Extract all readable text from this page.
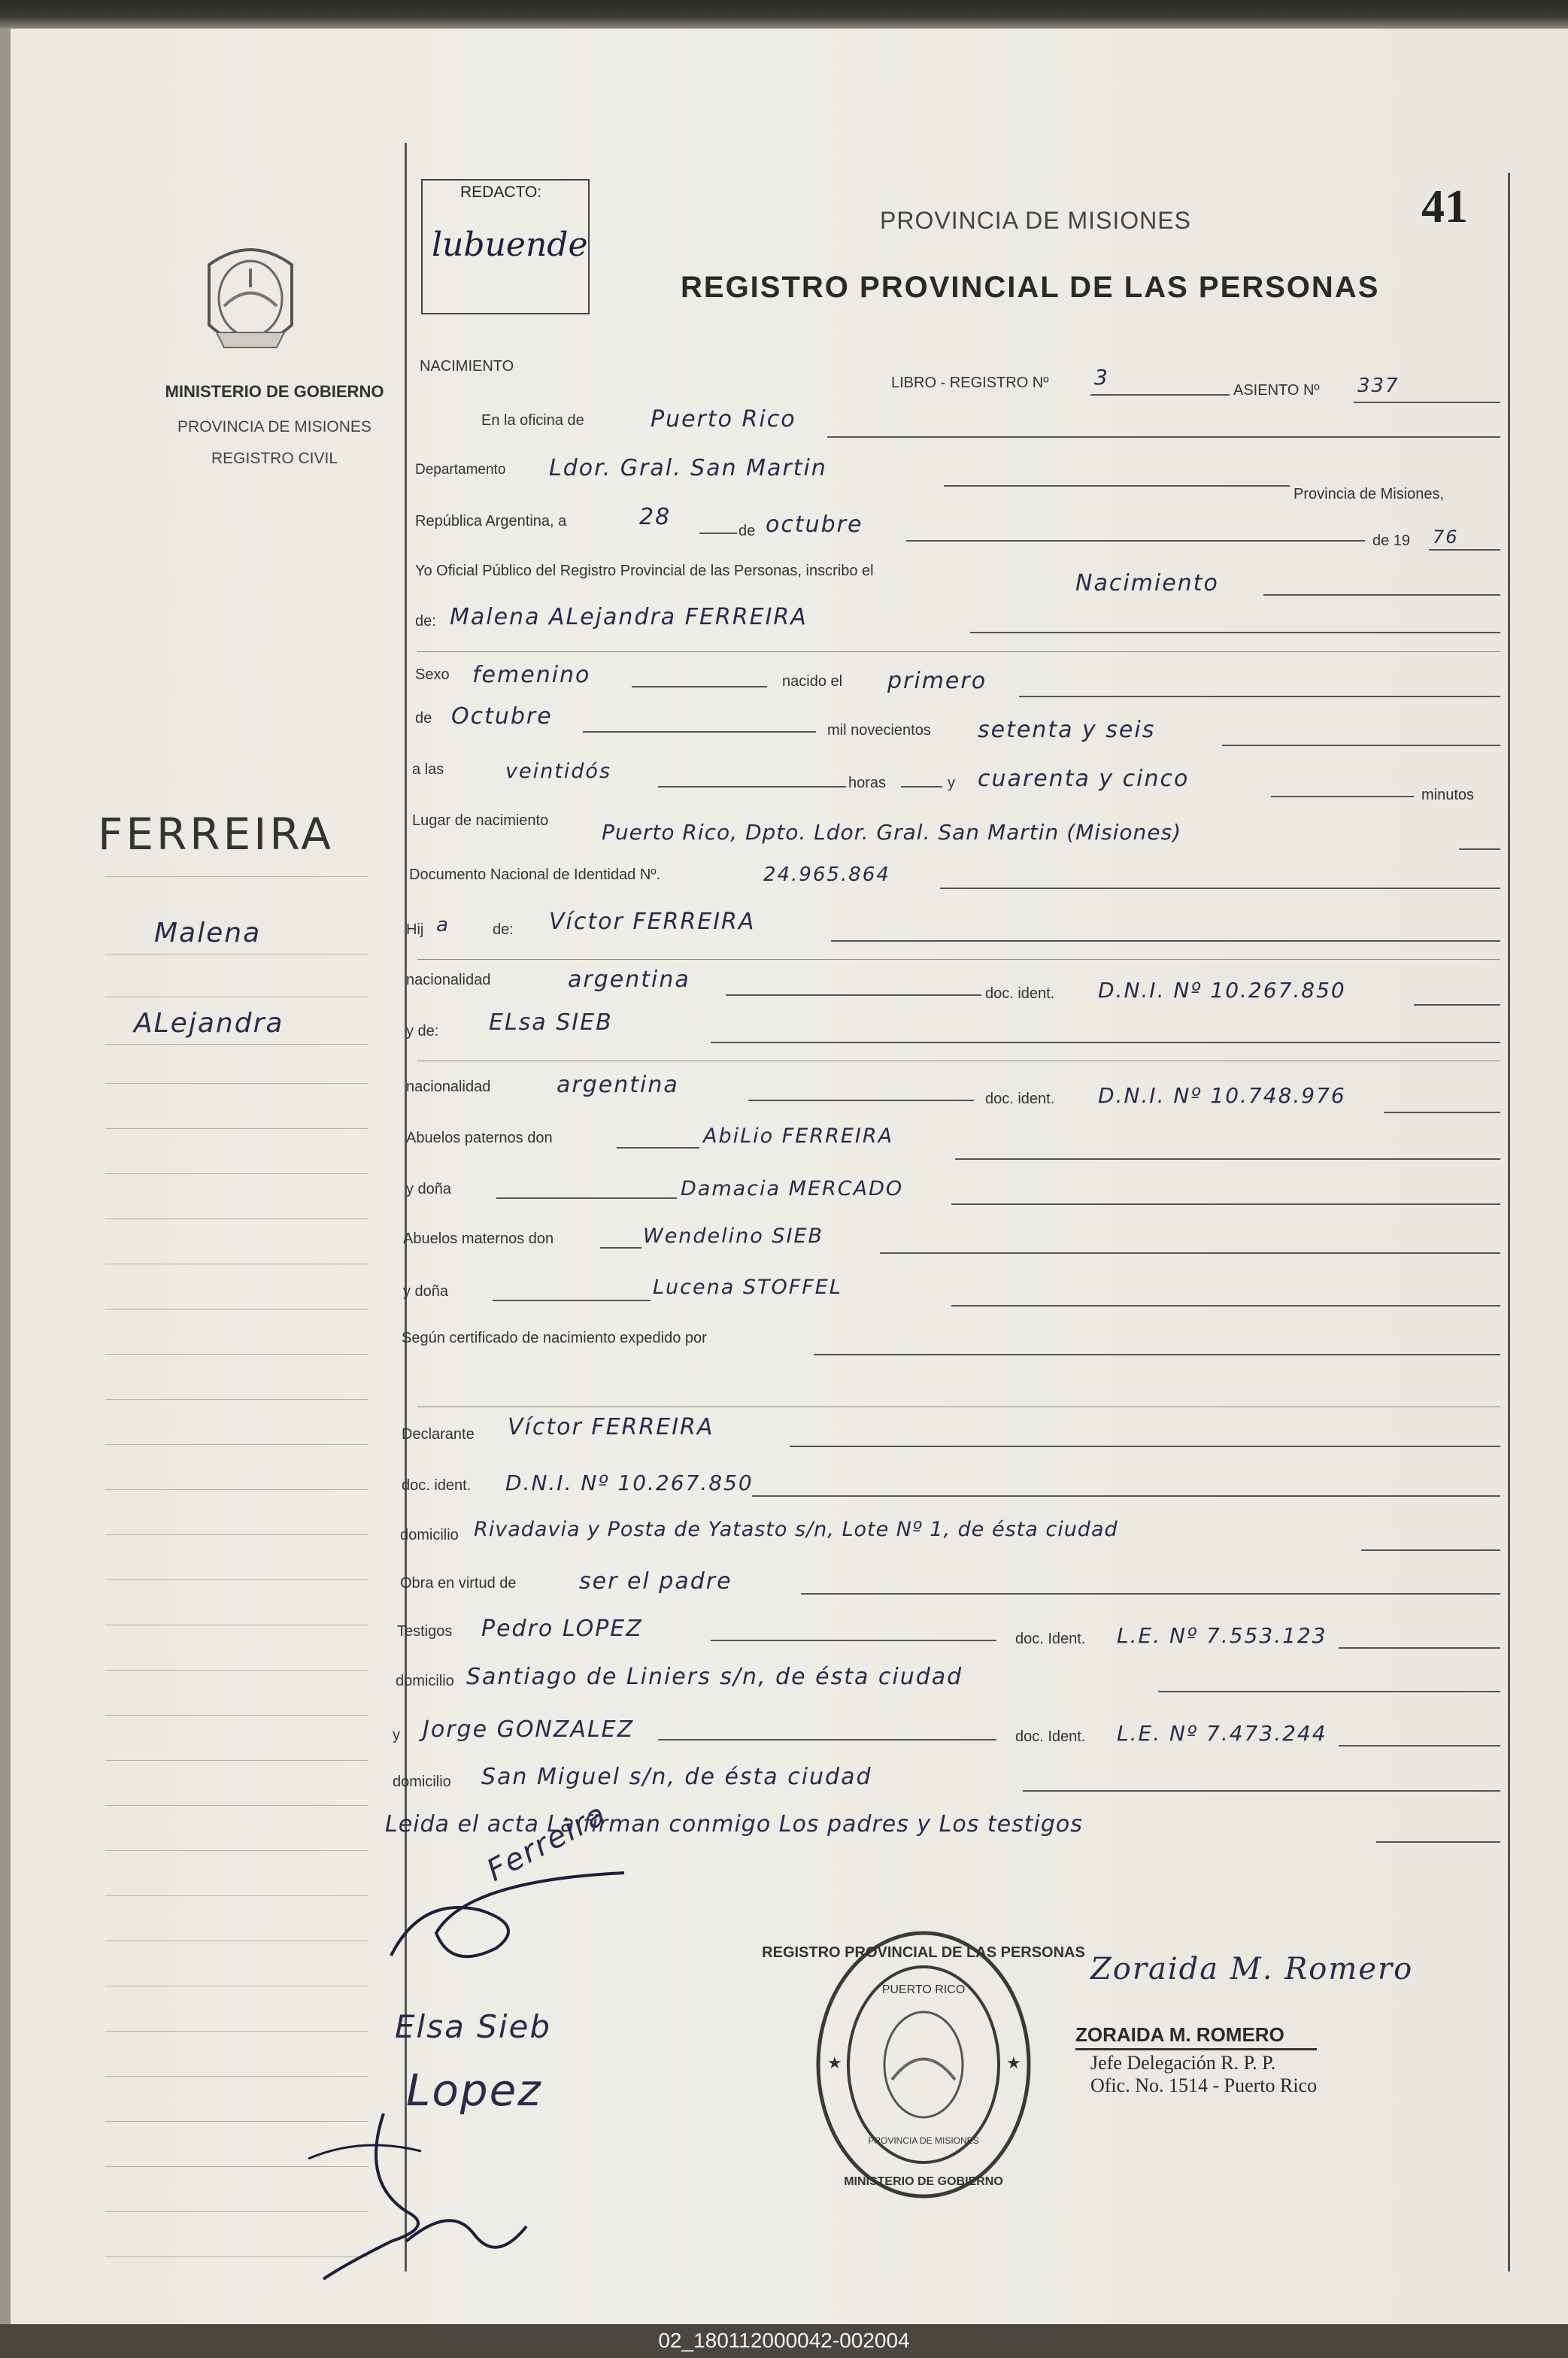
MINISTERIO DE GOBIERNO
PROVINCIA DE MISIONES
REGISTRO CIVIL
FERREIRA
Malena
ALejandra
REDACTO:
lubuende
PROVINCIA DE MISIONES
REGISTRO PROVINCIAL DE LAS PERSONAS
41
NACIMIENTO
LIBRO - REGISTRO Nº 3
ASIENTO Nº 337
En la oficina de	Puerto Rico
Departamento Ldor. Gral. San Martin
Provincia de Misiones,
República Argentina, a	28
de octubre
de 19 76
Yo Oficial Público del Registro Provincial de las Personas, inscribo el	Nacimiento
de: Malena ALejandra FERREIRA
Sexo femenino	nacido el primero
de Octubre
mil novecientos setenta y seis
a las	veintidós	horas	y cuarenta y cinco
minutos
Lugar de nacimiento	Puerto Rico, Dpto. Ldor. Gral. San Martin (Misiones)
Documento Nacional de Identidad Nº.	24.965.864
Hij a	de: Víctor FERREIRA
nacionalidad	argentina
doc. ident. D.N.I. Nº 10.267.850
y de: ELsa SIEB
nacionalidad	argentina
doc. ident. D.N.I. Nº 10.748.976
Abuelos paternos don	AbiLio FERREIRA
y doña	Damacia MERCADO
Abuelos maternos don	Wendelino SIEB
y doña	Lucena STOFFEL
Según certificado de nacimiento expedido por
Declarante Víctor FERREIRA
doc. ident. D.N.I. Nº 10.267.850
domicilio Rivadavia y Posta de Yatasto s/n, Lote Nº 1, de ésta ciudad
Obra en virtud de	ser el padre
Testigos Pedro LOPEZ	doc. Ident. L.E. Nº 7.553.123
domicilio Santiago de Liniers s/n, de ésta ciudad
y Jorge GONZALEZ	doc. Ident. L.E. Nº 7.473.244
domicilio San Miguel s/n, de ésta ciudad
Leida el acta La firman conmigo Los padres y Los testigos
Ferreira
Elsa Sieb
Lopez
REGISTRO PROVINCIAL DE LAS PERSONAS
PUERTO RICO
PROVINCIA DE MISIONES
MINISTERIO DE GOBIERNO
★	★
Zoraida M. Romero
ZORAIDA M. ROMERO
Jefe Delegación R. P. P.
Ofic. No. 1514 - Puerto Rico
02_180112000042-002004
